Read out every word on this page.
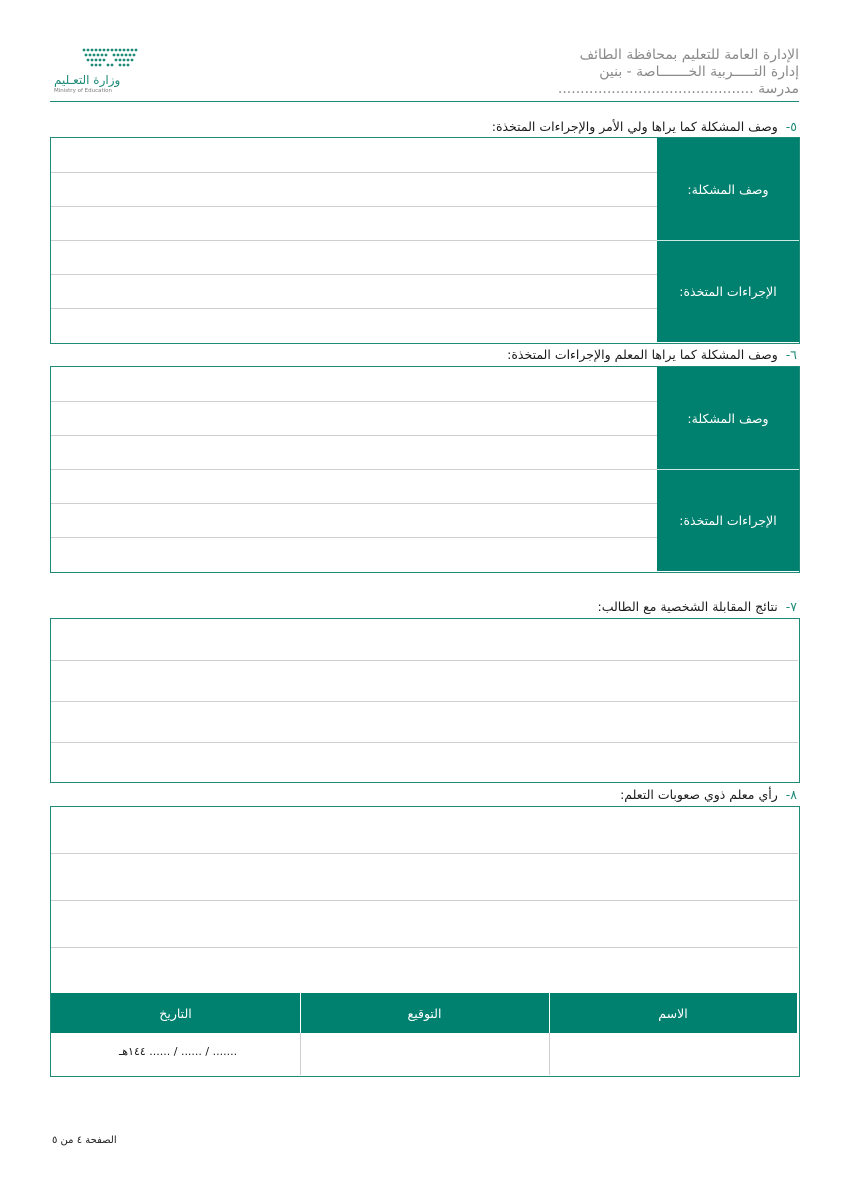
الإدارة العامة للتعليم بمحافظة الطائف
إدارة التـــــربية الخـــــــاصة - بنين
مدرسة ............................................
وزارة التعـليم
Ministry of Education
٥-
وصف المشكلة كما يراها ولي الأمر والإجراءات المتخذة:
وصف المشكلة:
الإجراءات المتخذة:
٦-
وصف المشكلة كما يراها المعلم والإجراءات المتخذة:
وصف المشكلة:
الإجراءات المتخذة:
٧-
نتائج المقابلة الشخصية مع الطالب:
٨-
رأي معلم ذوي صعوبات التعلم:
الاسم
التوقيع
التاريخ
....... / ...... / ...... ١٤٤هـ
الصفحة ٤ من ٥
